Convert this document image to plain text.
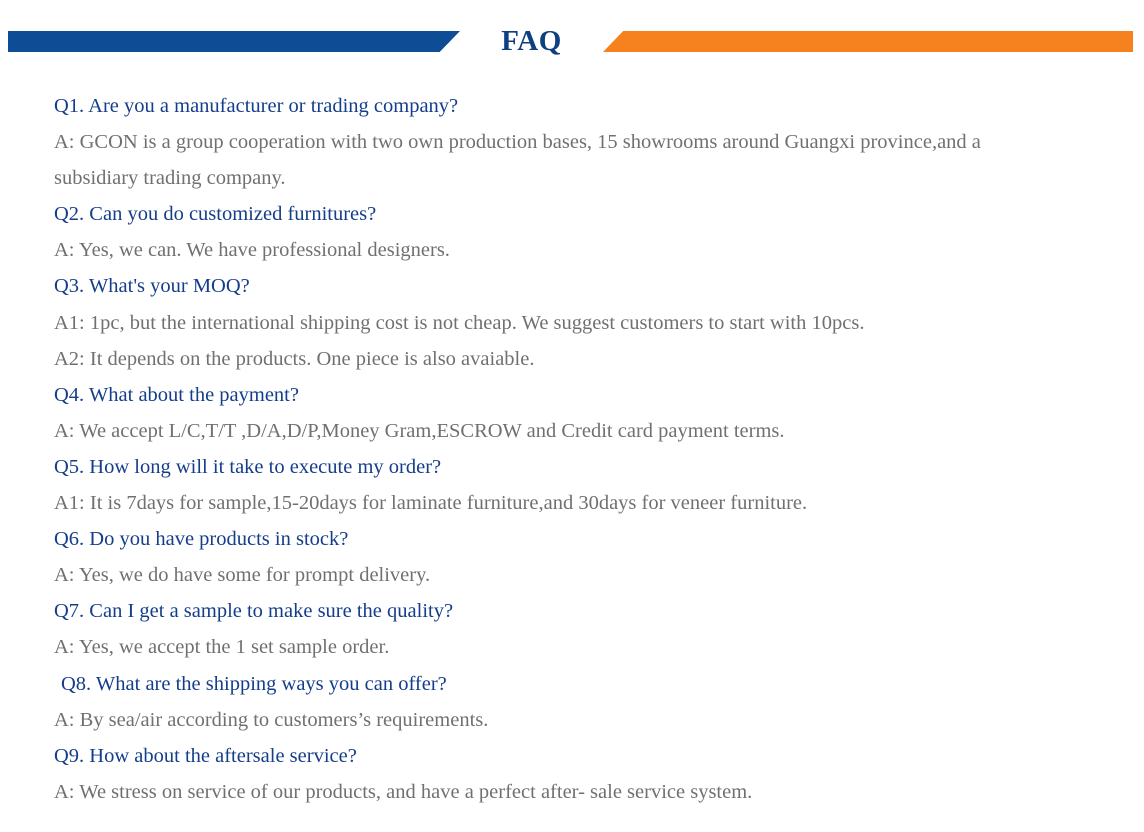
FAQ
Q1. Are you a manufacturer or trading company?
A: GCON is a group cooperation with two own production bases, 15 showrooms around Guangxi province,and a subsidiary trading company.
Q2. Can you do customized furnitures?
A: Yes, we can. We have professional designers.
Q3. What's your MOQ?
A1: 1pc, but the international shipping cost is not cheap. We suggest customers to start with 10pcs.
A2: It depends on the products. One piece is also avaiable.
Q4. What about the payment?
A: We accept L/C,T/T ,D/A,D/P,Money Gram,ESCROW and Credit card payment terms.
Q5. How long will it take to execute my order?
A1: It is 7days for sample,15-20days for laminate furniture,and 30days for veneer furniture.
Q6. Do you have products in stock?
A: Yes, we do have some for prompt delivery.
Q7. Can I get a sample to make sure the quality?
A: Yes, we accept the 1 set sample order.
Q8. What are the shipping ways you can offer?
A: By sea/air according to customers’s requirements.
Q9. How about the aftersale service?
A: We stress on service of our products, and have a perfect after- sale service system.
